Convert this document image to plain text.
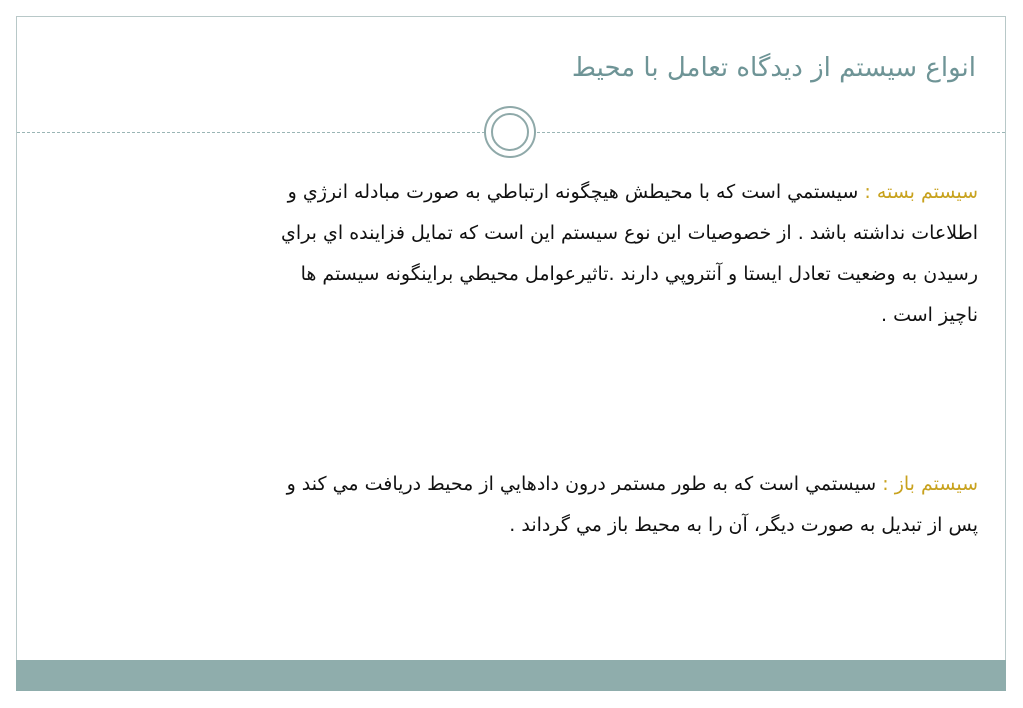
انواع سیستم از دیدگاه تعامل با محیط
سیستم بسته : سيستمي است كه با محيطش هيچگونه ارتباطي به صورت مبادله انرژي و
اطلاعات نداشته باشد . از خصوصيات اين نوع سيستم اين است كه تمايل فزاينده اي براي
رسيدن به وضعيت تعادل ايستا و آنتروپي دارند .تاثيرعوامل محيطي براينگونه سيستم ها
ناچيز است .
سیستم باز : سيستمي است كه به طور مستمر درون دادهايي از محيط دريافت مي كند و
پس از تبديل به صورت ديگر، آن را به محيط باز مي گرداند .
